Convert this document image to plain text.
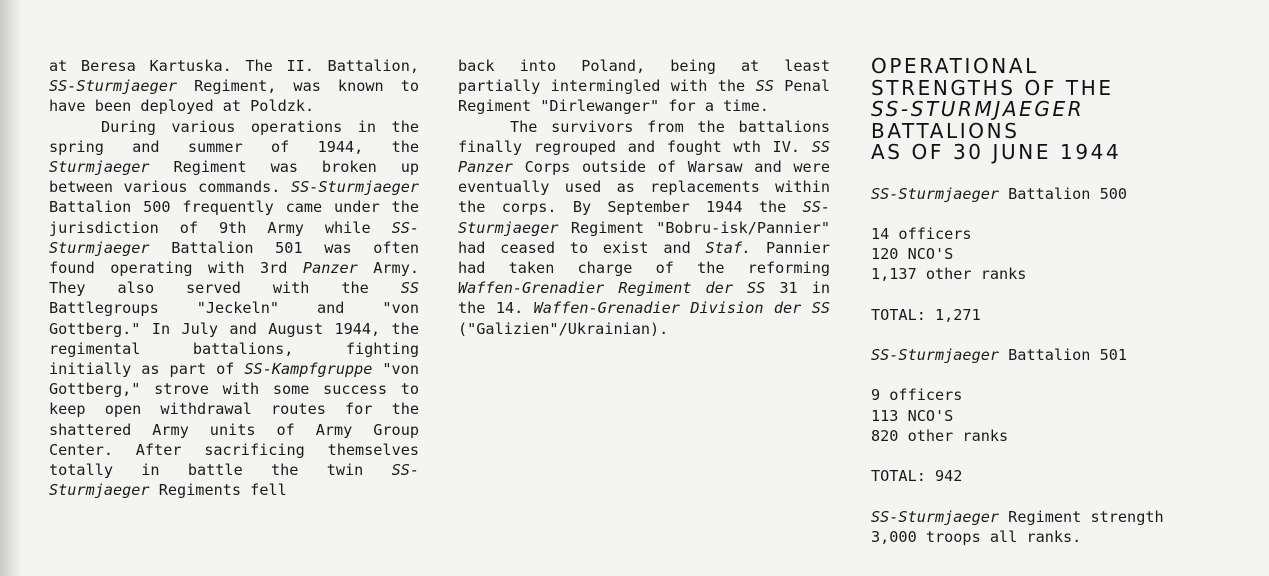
at Beresa Kartuska. The II. Battalion, SS-Sturmjaeger Regiment, was known to have been deployed at Poldzk.

During various operations in the spring and summer of 1944, the Sturmjaeger Regiment was broken up between various commands. SS-Sturmjaeger Battalion 500 frequently came under the jurisdiction of 9th Army while SS-Sturmjaeger Battalion 501 was often found operating with 3rd Panzer Army. They also served with the SS Battlegroups "Jeckeln" and "von Gottberg." In July and August 1944, the regimental battalions, fighting initially as part of SS-Kampfgruppe "von Gottberg," strove with some success to keep open withdrawal routes for the shattered Army units of Army Group Center. After sacrificing themselves totally in battle the twin SS-Sturmjaeger Regiments fell

back into Poland, being at least partially intermingled with the SS Penal Regiment "Dirlewanger" for a time.

The survivors from the battalions finally regrouped and fought wth IV. SS Panzer Corps outside of Warsaw and were eventually used as replacements within the corps. By September 1944 the SS-Sturmjaeger Regiment "Bobru-isk/Pannier" had ceased to exist and Staf. Pannier had taken charge of the reforming Waffen-Grenadier Regiment der SS 31 in the 14. Waffen-Grenadier Division der SS ("Galizien"/Ukrainian).

OPERATIONAL
STRENGTHS OF THE
SS-STURMJAEGER
BATTALIONS
AS OF 30 JUNE 1944
SS-Sturmjaeger Battalion 500
14 officers
120 NCO'S
1,137 other ranks
TOTAL: 1,271
SS-Sturmjaeger Battalion 501
9 officers
113 NCO'S
820 other ranks
TOTAL: 942
SS-Sturmjaeger Regiment strength
3,000 troops all ranks.
